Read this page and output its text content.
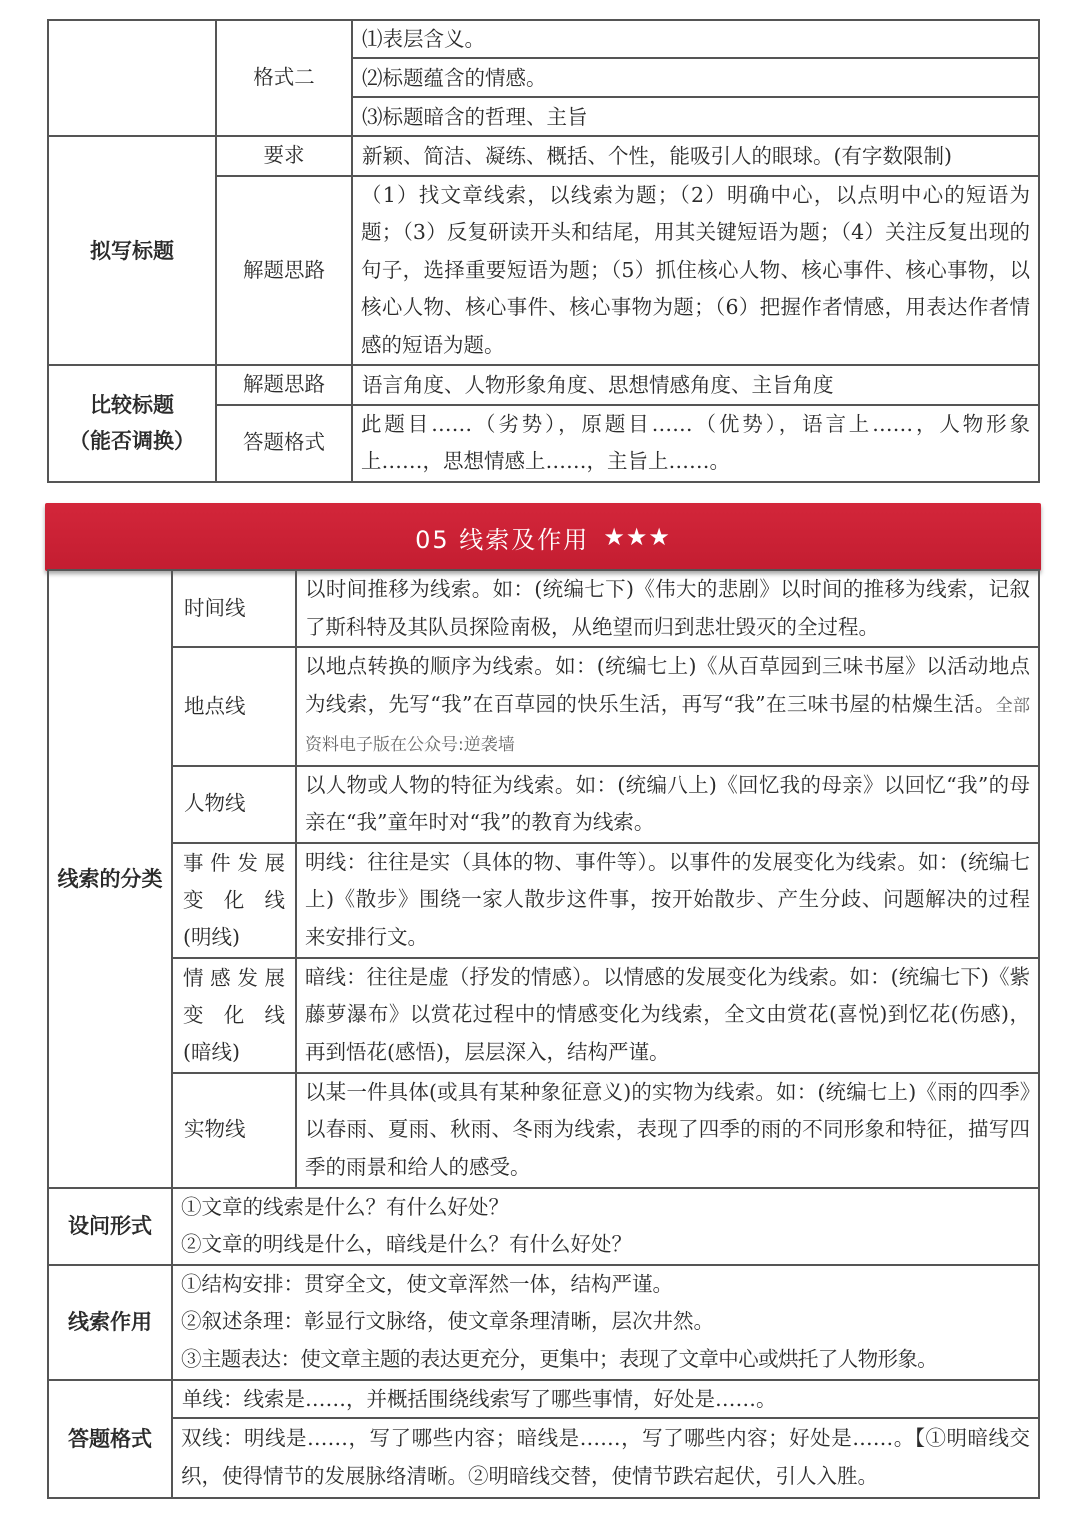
	格式二	⑴表层含义。
		⑵标题蕴含的情感。
		⑶标题暗含的哲理、主旨
拟写标题	要求	新颖、简洁、凝练、概括、个性，能吸引人的眼球。(有字数限制)
	解题思路	（1）找文章线索，以线索为题；（2）明确中心，以点明中心的短语为题；（3）反复研读开头和结尾，用其关键短语为题；（4）关注反复出现的句子，选择重要短语为题；（5）抓住核心人物、核心事件、核心事物，以核心人物、核心事件、核心事物为题；（6）把握作者情感，用表达作者情感的短语为题。

比较标题
（能否调换）	解题思路	语言角度、人物形象角度、思想情感角度、主旨角度
	答题格式	此题目……（劣势），原题目……（优势），语言上……，人物形象上……，思想情感上……，主旨上……。
05 线索及作用 ★★★
线索的分类	时间线	以时间推移为线索。如：(统编七下)《伟大的悲剧》以时间的推移为线索，记叙了斯科特及其队员探险南极，从绝望而归到悲壮毁灭的全过程。
	地点线	以地点转换的顺序为线索。如：(统编七上)《从百草园到三味书屋》以活动地点为线索，先写“我”在百草园的快乐生活，再写“我”在三味书屋的枯燥生活。全部资料电子版在公众号:逆袭墙
	人物线	以人物或人物的特征为线索。如：(统编八上)《回忆我的母亲》以回忆“我”的母亲在“我”童年时对“我”的教育为线索。

	事件发展
变 化 线
(明线)	明线：往往是实（具体的物、事件等）。以事件的发展变化为线索。如：(统编七上)《散步》围绕一家人散步这件事，按开始散步、产生分歧、问题解决的过程来安排行文。

	情感发展
变 化 线
(暗线)	暗线：往往是虚（抒发的情感）。以情感的发展变化为线索。如：(统编七下)《紫藤萝瀑布》以赏花过程中的情感变化为线索，全文由赏花(喜悦)到忆花(伤感)，再到悟花(感悟)，层层深入，结构严谨。
	实物线	以某一件具体(或具有某种象征意义)的实物为线索。如：(统编七上)《雨的四季》以春雨、夏雨、秋雨、冬雨为线索，表现了四季的雨的不同形象和特征，描写四季的雨景和给人的感受。
设问形式	①文章的线索是什么？有什么好处？
②文章的明线是什么，暗线是什么？有什么好处？	

线索作用	①结构安排：贯穿全文，使文章浑然一体，结构严谨。
②叙述条理：彰显行文脉络，使文章条理清晰，层次井然。
③主题表达：使文章主题的表达更充分，更集中；表现了文章中心或烘托了人物形象。	

答题格式	单线：线索是……，并概括围绕线索写了哪些事情，好处是……。	
	双线：明线是……，写了哪些内容；暗线是……，写了哪些内容；好处是……。【①明暗线交织，使得情节的发展脉络清晰。②明暗线交替，使情节跌宕起伏，引人入胜。	
